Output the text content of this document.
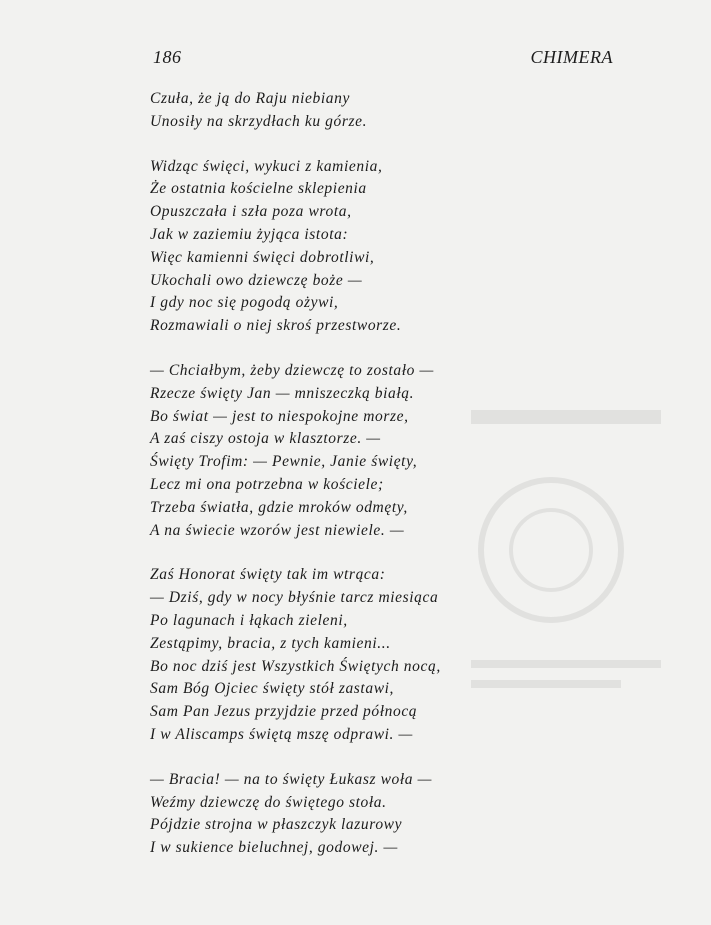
186	CHIMERA
Czuła, że ją do Raju niebiany
Unosiły na skrzydłach ku górze.
Widząc święci, wykuci z kamienia,
Że ostatnia kościelne sklepienia
Opuszczała i szła poza wrota,
Jak w zaziemiu żyjąca istota:
Więc kamienni święci dobrotliwi,
Ukochali owo dziewczę boże —
I gdy noc się pogodą ożywi,
Rozmawiali o niej skroś przestworze.
— Chciałbym, żeby dziewczę to zostało —
Rzecze święty Jan — mniszeczką białą.
Bo świat — jest to niespokojne morze,
A zaś ciszy ostoja w klasztorze. —
Święty Trofim: — Pewnie, Janie święty,
Lecz mi ona potrzebna w kościele;
Trzeba światła, gdzie mroków odmęty,
A na świecie wzorów jest niewiele. —
Zaś Honorat święty tak im wtrąca:
— Dziś, gdy w nocy błyśnie tarcz miesiąca
Po lagunach i łąkach zieleni,
Zestąpimy, bracia, z tych kamieni...
Bo noc dziś jest Wszystkich Świętych nocą,
Sam Bóg Ojciec święty stół zastawi,
Sam Pan Jezus przyjdzie przed północą
I w Aliscamps świętą mszę odprawi. —
— Bracia! — na to święty Łukasz woła —
Weźmy dziewczę do świętego stoła.
Pójdzie strojna w płaszczyk lazurowy
I w sukience bieluchnej, godowej. —
